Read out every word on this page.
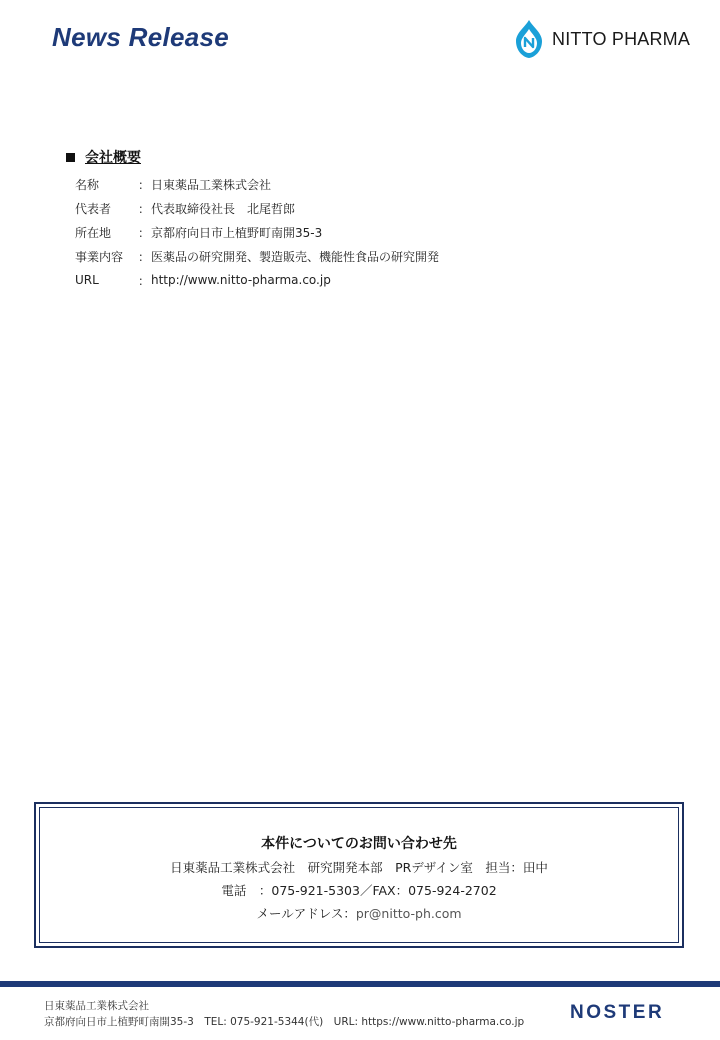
News Release	NITTO PHARMA
会社概要
名称	： 日東薬品工業株式会社
代表者	： 代表取締役社長　北尾哲郎
所在地	： 京都府向日市上植野町南開35-3
事業内容	： 医薬品の研究開発、製造販売、機能性食品の研究開発
URL	： http://www.nitto-pharma.co.jp
本件についてのお問い合わせ先
日東薬品工業株式会社　研究開発本部　PRデザイン室　担当：田中
電話　 ：075-921-5303／FAX：075-924-2702
メールアドレス：pr@nitto-ph.com
日東薬品工業株式会社
京都府向日市上植野町南開35-3　TEL: 075-921-5344(代)　URL: https://www.nitto-pharma.co.jp NOSTER
